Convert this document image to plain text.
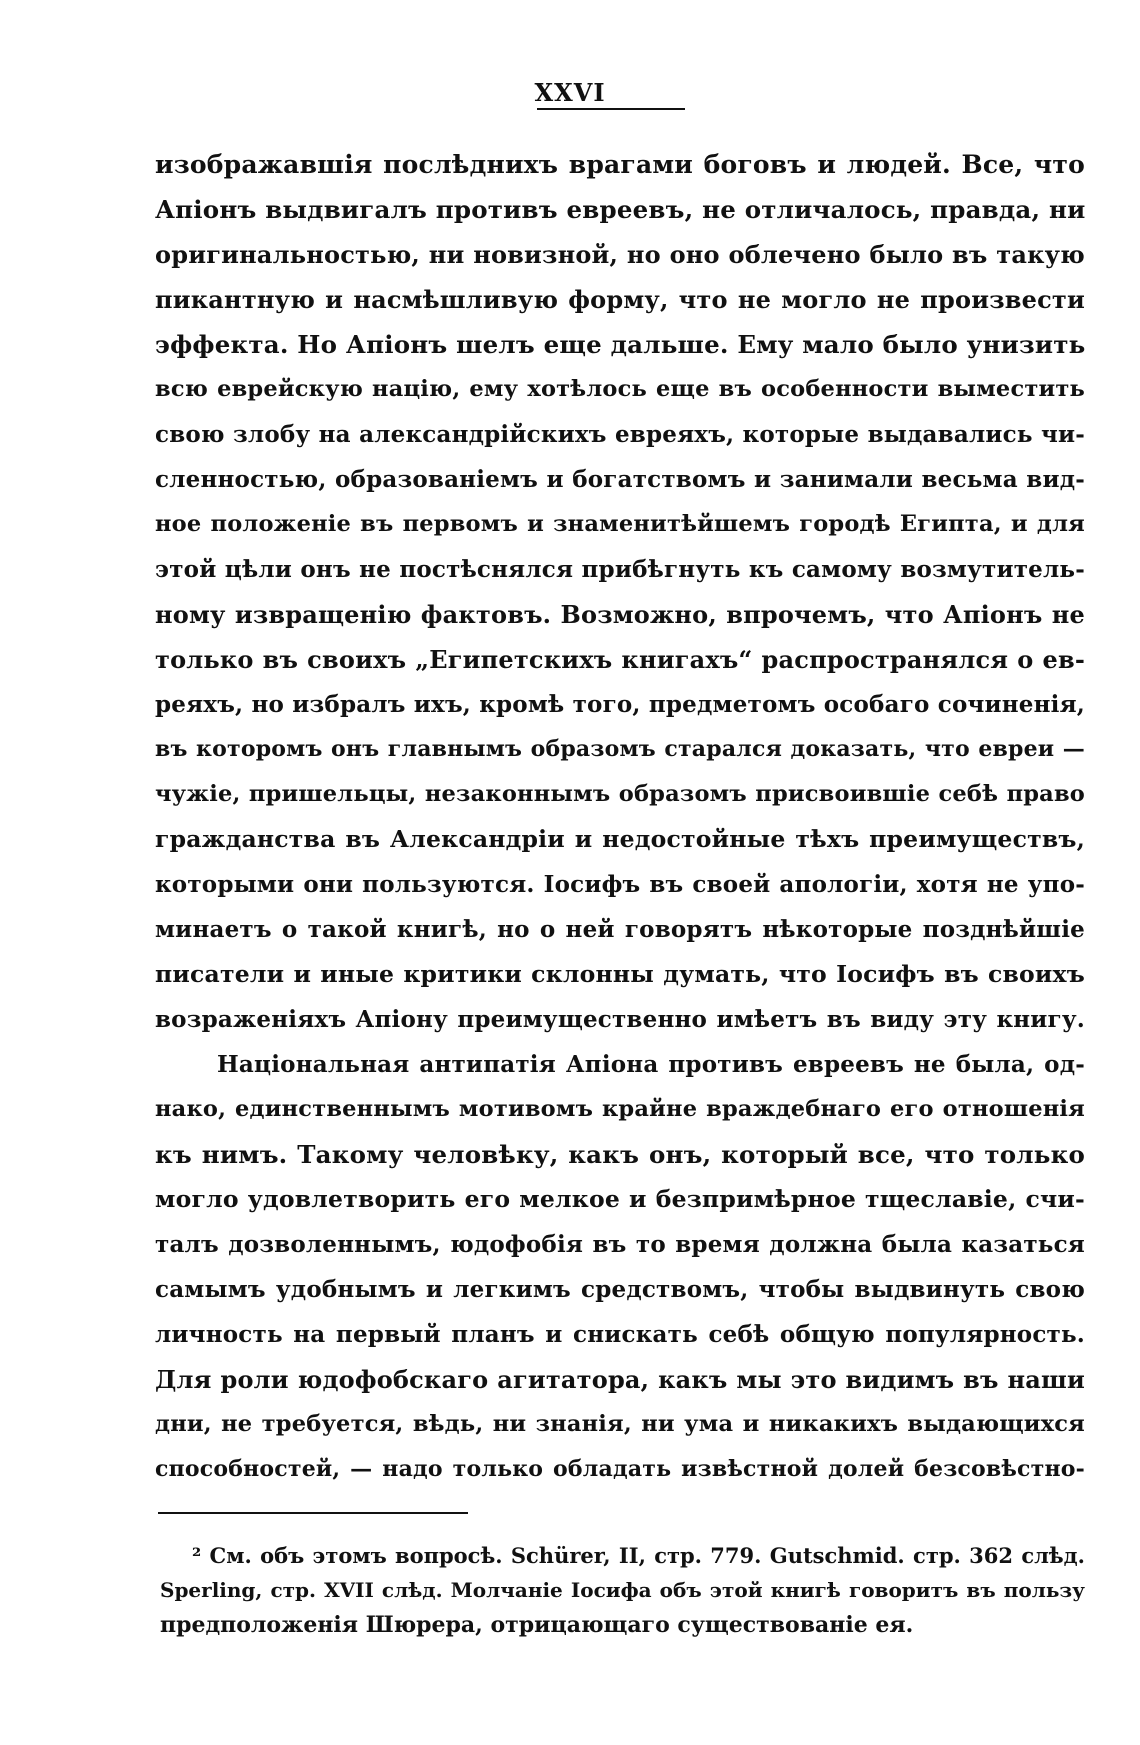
XXVI
изображавшія послѣднихъ врагами боговъ и людей. Все, что
Апіонъ выдвигалъ противъ евреевъ, не отличалось, правда, ни
оригинальностью, ни новизной, но оно облечено было въ такую
пикантную и насмѣшливую форму, что не могло не произвести
эффекта. Но Апіонъ шелъ еще дальше. Ему мало было унизить
всю еврейскую націю, ему хотѣлось еще въ особенности выместить
свою злобу на александрійскихъ евреяхъ, которые выдавались чи-
сленностью, образованіемъ и богатствомъ и занимали весьма вид-
ное положеніе въ первомъ и знаменитѣйшемъ городѣ Египта, и для
этой цѣли онъ не постѣснялся прибѣгнуть къ самому возмутитель-
ному извращенію фактовъ. Возможно, впрочемъ, что Апіонъ не
только въ своихъ „Египетскихъ книгахъ“ распространялся о ев-
реяхъ, но избралъ ихъ, кромѣ того, предметомъ особаго сочиненія,
въ которомъ онъ главнымъ образомъ старался доказать, что евреи —
чужіе, пришельцы, незаконнымъ образомъ присвоившіе себѣ право
гражданства въ Александріи и недостойные тѣхъ преимуществъ,
которыми они пользуются. Іосифъ въ своей апологіи, хотя не упо-
минаетъ о такой книгѣ, но о ней говорятъ нѣкоторые позднѣйшіе
писатели и иные критики склонны думать, что Іосифъ въ своихъ
возраженіяхъ Апіону преимущественно имѣетъ въ виду эту книгу.
Національная антипатія Апіона противъ евреевъ не была, од-
нако, единственнымъ мотивомъ крайне враждебнаго его отношенія
къ нимъ. Такому человѣку, какъ онъ, который все, что только
могло удовлетворить его мелкое и безпримѣрное тщеславіе, счи-
талъ дозволеннымъ, юдофобія въ то время должна была казаться
самымъ удобнымъ и легкимъ средствомъ, чтобы выдвинуть свою
личность на первый планъ и снискать себѣ общую популярность.
Для роли юдофобскаго агитатора, какъ мы это видимъ въ наши
дни, не требуется, вѣдь, ни знанія, ни ума и никакихъ выдающихся
способностей, — надо только обладать извѣстной долей безсовѣстно-
² См. объ этомъ вопросѣ. Schürer, II, стр. 779. Gutschmid. стр. 362 слѣд.
Sperling, стр. XVII слѣд. Молчаніе Іосифа объ этой книгѣ говоритъ въ пользу
предположенія Шюрера, отрицающаго существованіе ея.
